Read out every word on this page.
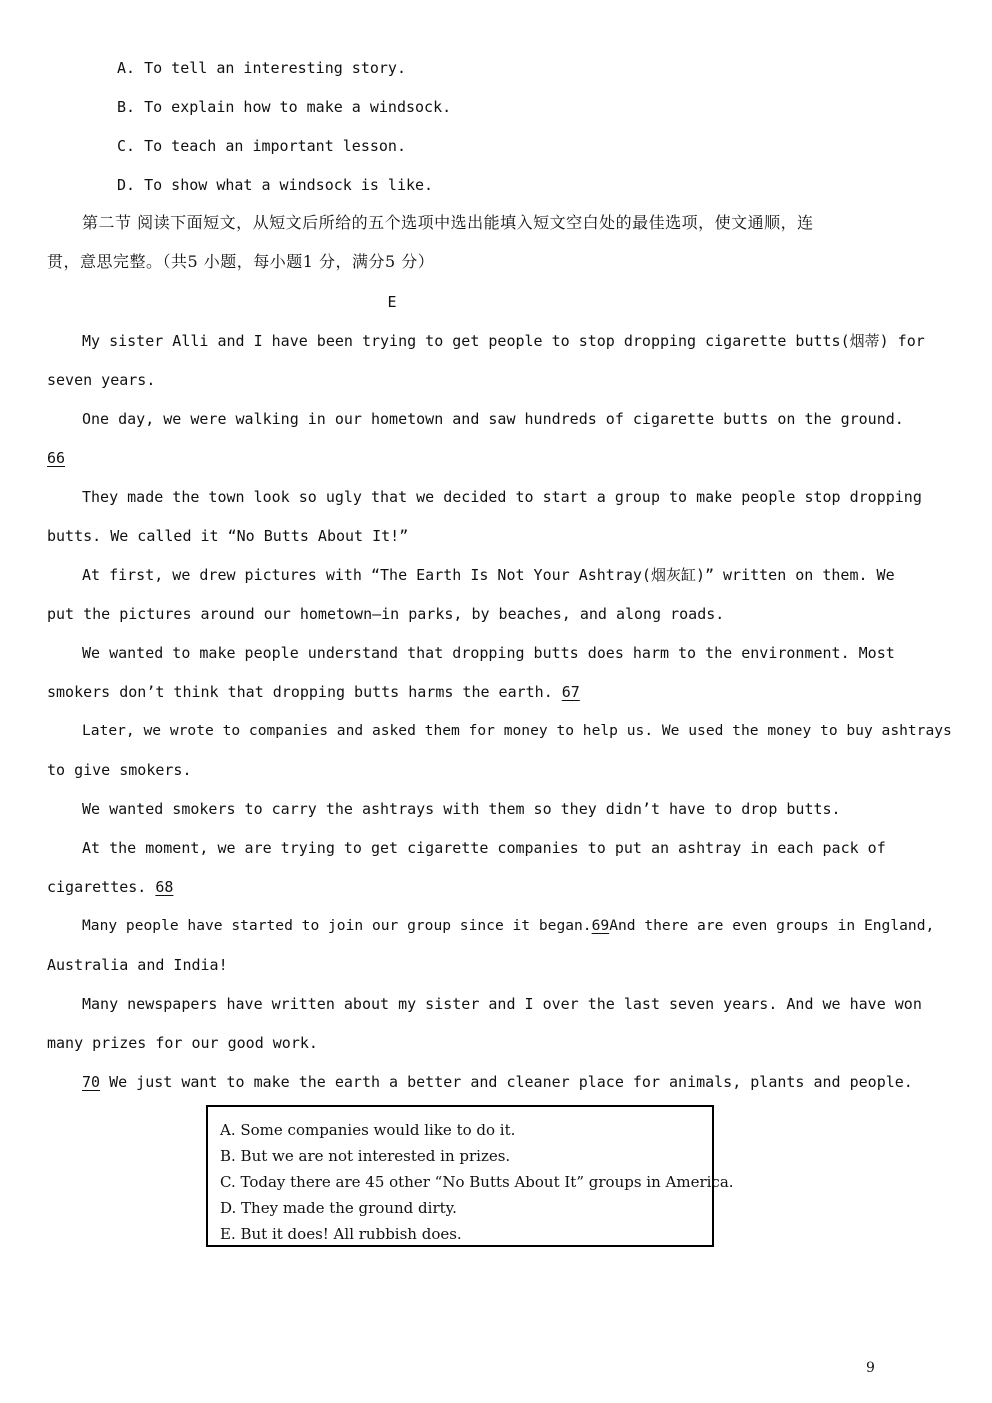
A. To tell an interesting story.
B. To explain how to make a windsock.
C. To teach an important lesson.
D. To show what a windsock is like.
第二节 阅读下面短文，从短文后所给的五个选项中选出能填入短文空白处的最佳选项，使文通顺，连
贯，意思完整。（共5 小题，每小题1 分，满分5 分）
E
My sister Alli and I have been trying to get people to stop dropping cigarette butts(烟蒂) for
seven years.
One day, we were walking in our hometown and saw hundreds of cigarette butts on the ground.
66
They made the town look so ugly that we decided to start a group to make people stop dropping
butts. We called it “No Butts About It!”
At first, we drew pictures with “The Earth Is Not Your Ashtray(烟灰缸)” written on them. We
put the pictures around our hometown—in parks, by beaches, and along roads.
We wanted to make people understand that dropping butts does harm to the environment. Most
smokers don’t think that dropping butts harms the earth. 67
Later, we wrote to companies and asked them for money to help us. We used the money to buy ashtrays
to give smokers.
We wanted smokers to carry the ashtrays with them so they didn’t have to drop butts.
At the moment, we are trying to get cigarette companies to put an ashtray in each pack of
cigarettes. 68
Many people have started to join our group since it began.69And there are even groups in England,
Australia and India!
Many newspapers have written about my sister and I over the last seven years. And we have won
many prizes for our good work.
70 We just want to make the earth a better and cleaner place for animals, plants and people.
A. Some companies would like to do it.
B. But we are not interested in prizes.
C. Today there are 45 other “No Butts About It” groups in America.
D. They made the ground dirty.
E. But it does! All rubbish does.
9
